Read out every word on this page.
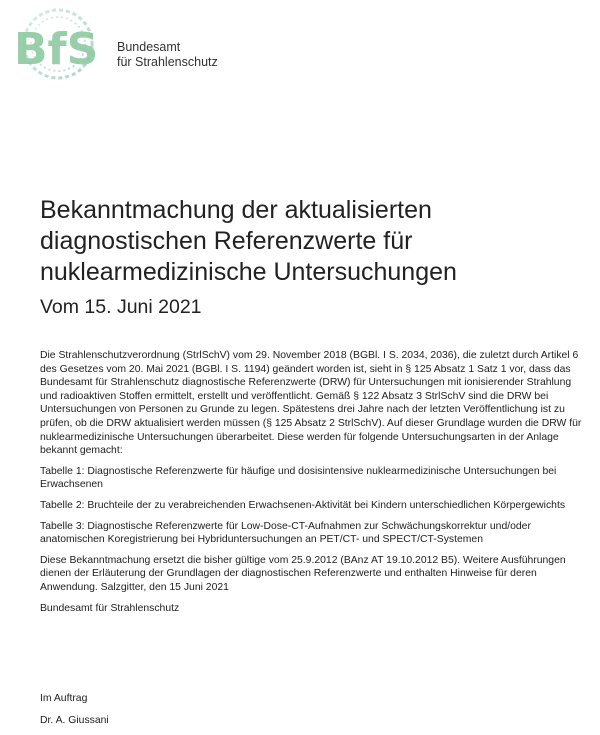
BfS Bundesamt
für Strahlenschutz
Bekanntmachung der aktualisierten
diagnostischen Referenzwerte für
nuklearmedizinische Untersuchungen
Vom 15. Juni 2021

Die Strahlenschutzverordnung (StrlSchV) vom 29. November 2018 (BGBl. I S. 2034, 2036), die zuletzt durch Artikel 6 des Gesetzes vom 20. Mai 2021 (BGBl. I S. 1194) geändert worden ist, sieht in § 125 Absatz 1 Satz 1 vor, dass das Bundesamt für Strahlenschutz diagnostische Referenzwerte (DRW) für Untersuchungen mit ionisierender Strahlung und radioaktiven Stoffen ermittelt, erstellt und veröffentlicht. Gemäß § 122 Absatz 3 StrlSchV sind die DRW bei Untersuchungen von Personen zu Grunde zu legen. Spätestens drei Jahre nach der letzten Veröffentlichung ist zu prüfen, ob die DRW aktualisiert werden müssen (§ 125 Absatz 2 StrlSchV). Auf dieser Grundlage wurden die DRW für nuklearmedizinische Untersuchungen überarbeitet. Diese werden für folgende Untersuchungsarten in der Anlage bekannt gemacht:

Tabelle 1: Diagnostische Referenzwerte für häufige und dosisintensive nuklearmedizinische Untersuchungen bei Erwachsenen

Tabelle 2: Bruchteile der zu verabreichenden Erwachsenen-Aktivität bei Kindern unterschiedlichen Körpergewichts

Tabelle 3: Diagnostische Referenzwerte für Low-Dose-CT-Aufnahmen zur Schwächungskorrektur und/oder anatomischen Koregistrierung bei Hybriduntersuchungen an PET/CT- und SPECT/CT-Systemen

Diese Bekanntmachung ersetzt die bisher gültige vom 25.9.2012 (BAnz AT 19.10.2012 B5). Weitere Ausführungen dienen der Erläuterung der Grundlagen der diagnostischen Referenzwerte und enthalten Hinweise für deren Anwendung. Salzgitter, den 15 Juni 2021

Bundesamt für Strahlenschutz

Im Auftrag
Dr. A. Giussani
